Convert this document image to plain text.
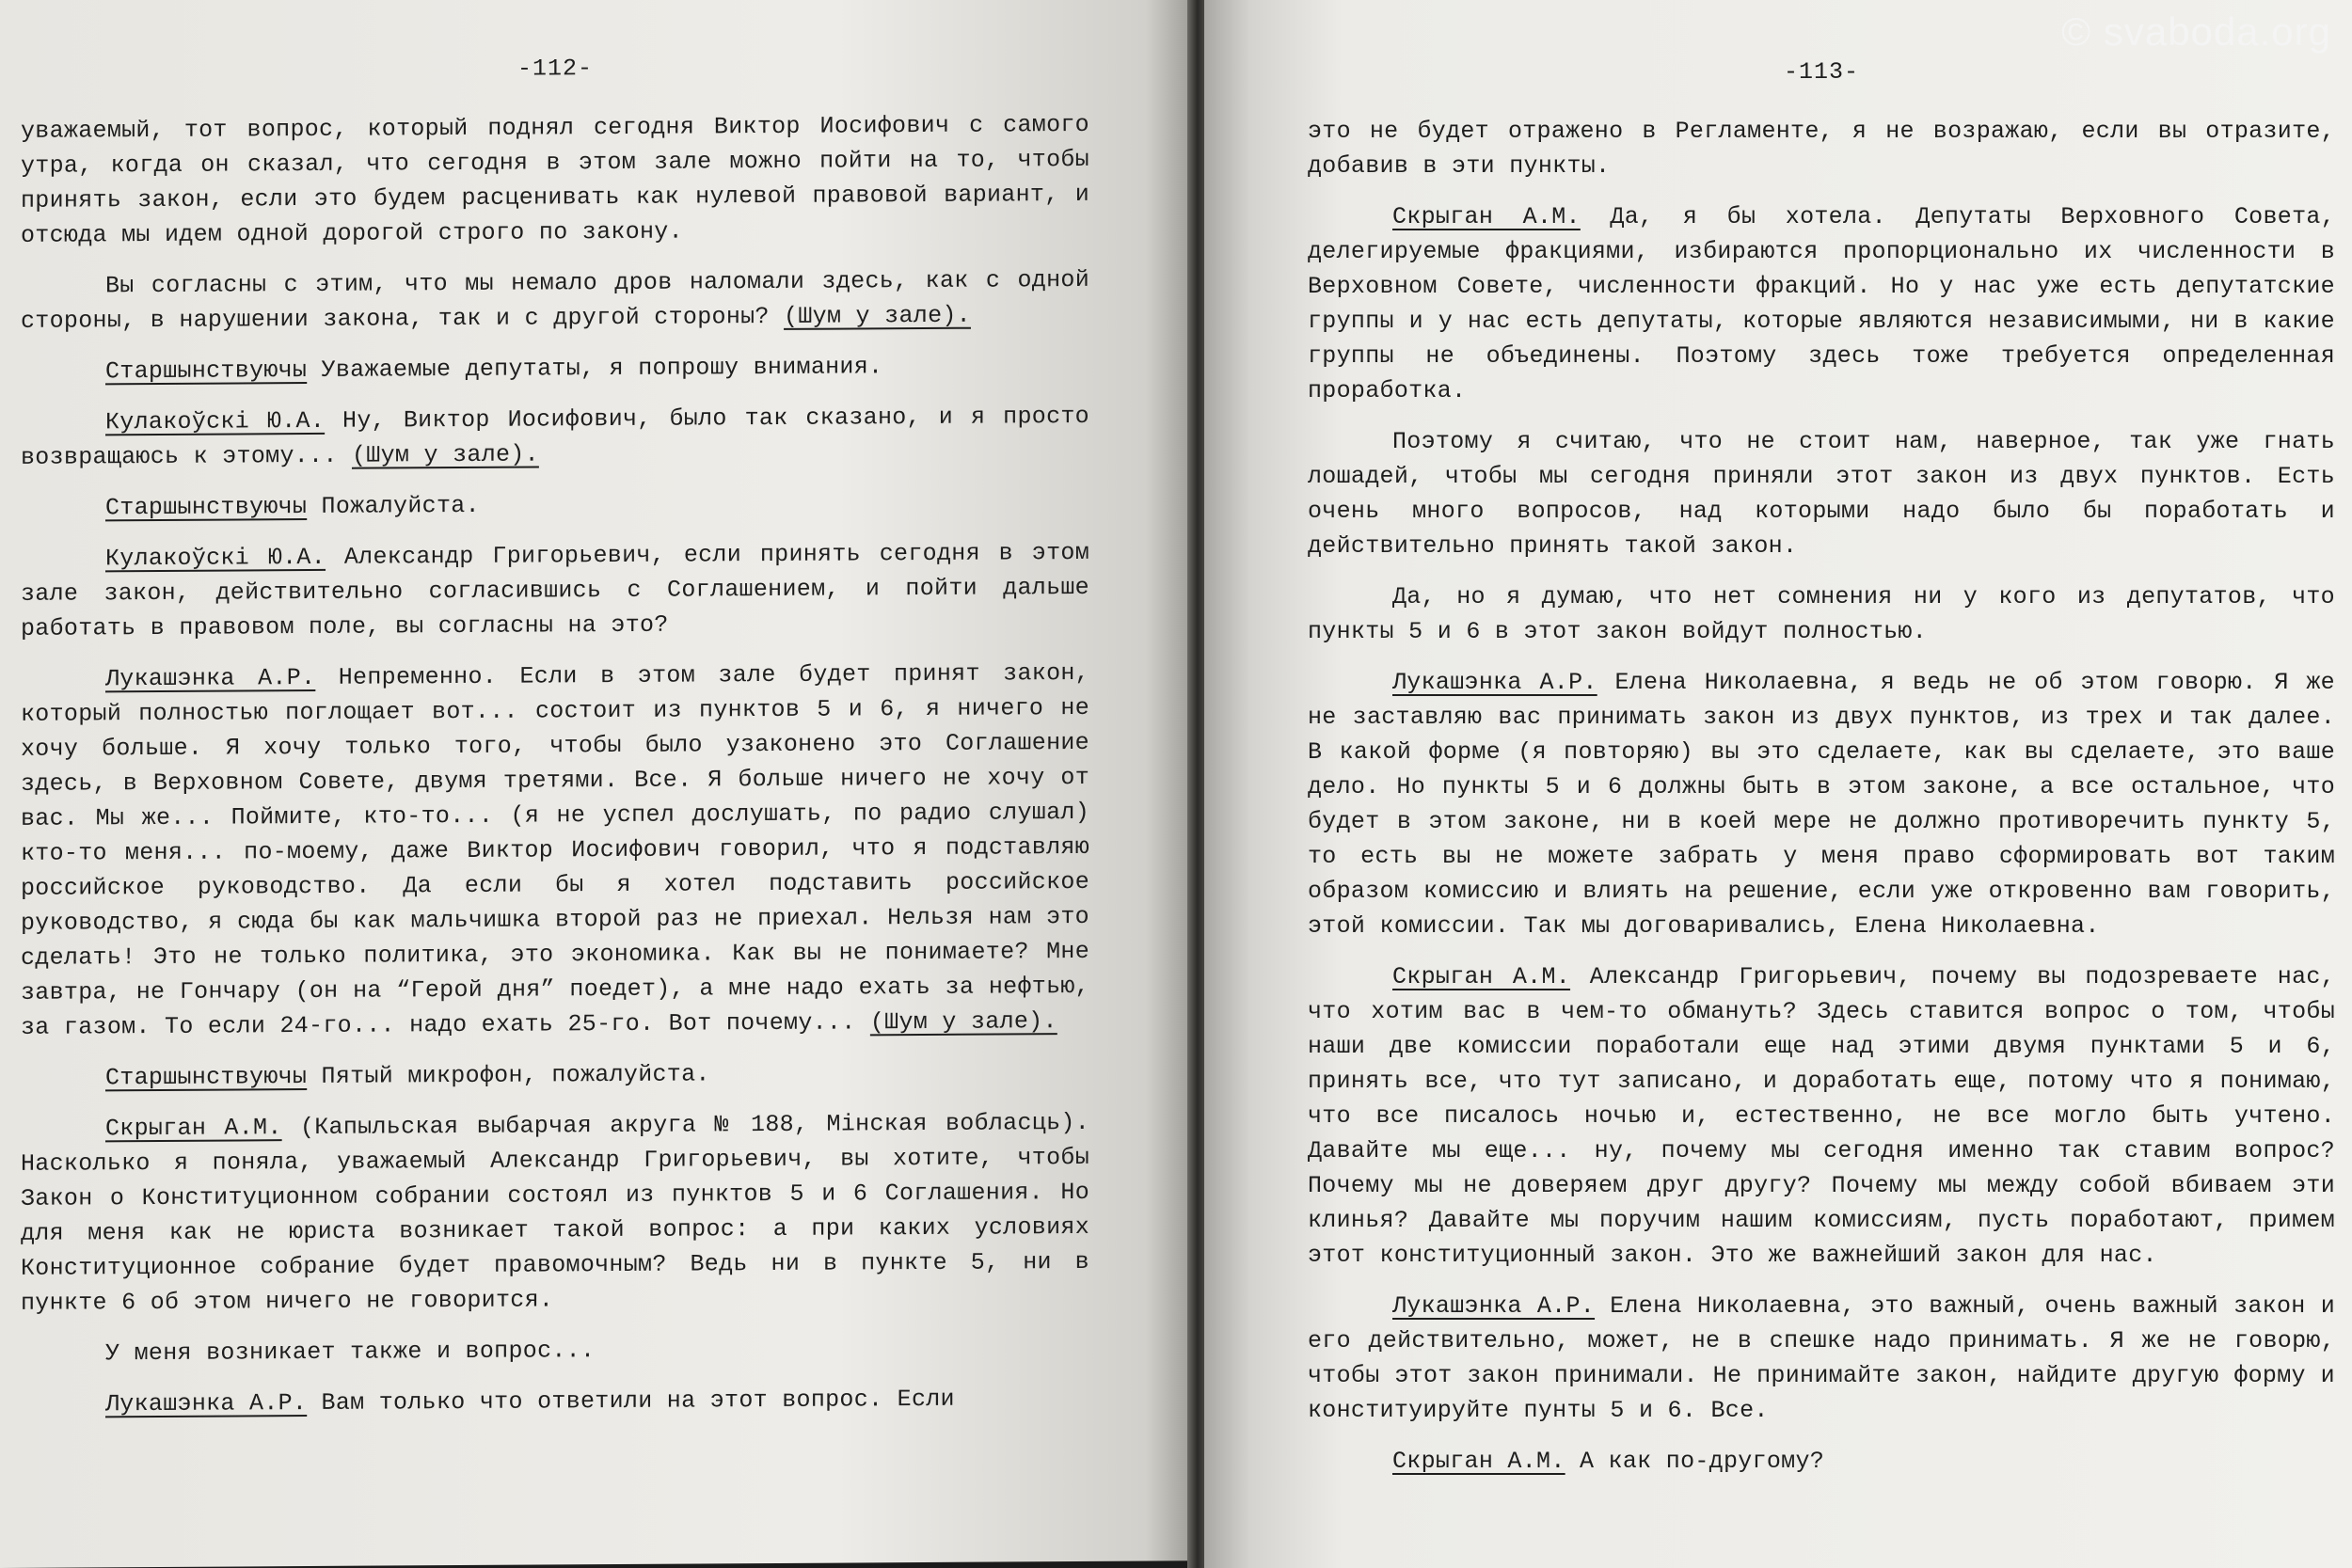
-112-

уважаемый, тот вопрос, который поднял сегодня Виктор Иосифович с самого утра, когда он сказал, что сегодня в этом зале можно пойти на то, чтобы принять закон, если это будем расценивать как нулевой правовой вариант, и отсюда мы идем одной дорогой строго по закону.

Вы согласны с этим, что мы немало дров наломали здесь, как с одной стороны, в нарушении закона, так и с другой стороны? (Шум у зале).

Старшынствуючы Уважаемые депутаты, я попрошу внимания.

Кулакоўскі Ю.А. Ну, Виктор Иосифович, было так сказано, и я просто возвращаюсь к этому... (Шум у зале).

Старшынствуючы Пожалуйста.

Кулакоўскі Ю.А. Александр Григорьевич, если принять сегодня в этом зале закон, действительно согласившись с Соглашением, и пойти дальше работать в правовом поле, вы согласны на это?

Лукашэнка А.Р. Непременно. Если в этом зале будет принят закон, который полностью поглощает вот... состоит из пунктов 5 и 6, я ничего не хочу больше. Я хочу только того, чтобы было узаконено это Соглашение здесь, в Верховном Совете, двумя третями. Все. Я больше ничего не хочу от вас. Мы же... Поймите, кто-то... (я не успел дослушать, по радио слушал) кто-то меня... по-моему, даже Виктор Иосифович говорил, что я подставляю российское руководство. Да если бы я хотел подставить российское руководство, я сюда бы как мальчишка второй раз не приехал. Нельзя нам это сделать! Это не только политика, это экономика. Как вы не понимаете? Мне завтра, не Гончару (он на “Герой дня” поедет), а мне надо ехать за нефтью, за газом. То если 24-го... надо ехать 25-го. Вот почему... (Шум у зале).

Старшынствуючы Пятый микрофон, пожалуйста.

Скрыган А.М. (Капыльская выбарчая акруга № 188, Мінская вобласць). Насколько я поняла, уважаемый Александр Григорьевич, вы хотите, чтобы Закон о Конституционном собрании состоял из пунктов 5 и 6 Соглашения. Но для меня как не юриста возникает такой вопрос: а при каких условиях Конституционное собрание будет правомочным? Ведь ни в пункте 5, ни в пункте 6 об этом ничего не говорится.

У меня возникает также и вопрос...

Лукашэнка А.Р. Вам только что ответили на этот вопрос. Если

-113-

это не будет отражено в Регламенте, я не возражаю, если вы отразите, добавив в эти пункты.

Скрыган А.М. Да, я бы хотела. Депутаты Верховного Совета, делегируемые фракциями, избираются пропорционально их численности в Верховном Совете, численности фракций. Но у нас уже есть депутатские группы и у нас есть депутаты, которые являются независимыми, ни в какие группы не объединены. Поэтому здесь тоже требуется определенная проработка.

Поэтому я считаю, что не стоит нам, наверное, так уже гнать лошадей, чтобы мы сегодня приняли этот закон из двух пунктов. Есть очень много вопросов, над которыми надо было бы поработать и действительно принять такой закон.

Да, но я думаю, что нет сомнения ни у кого из депутатов, что пункты 5 и 6 в этот закон войдут полностью.

Лукашэнка А.Р. Елена Николаевна, я ведь не об этом говорю. Я же не заставляю вас принимать закон из двух пунктов, из трех и так далее. В какой форме (я повторяю) вы это сделаете, как вы сделаете, это ваше дело. Но пункты 5 и 6 должны быть в этом законе, а все остальное, что будет в этом законе, ни в коей мере не должно противоречить пункту 5, то есть вы не можете забрать у меня право сформировать вот таким образом комиссию и влиять на решение, если уже откровенно вам говорить, этой комиссии. Так мы договаривались, Елена Николаевна.

Скрыган А.М. Александр Григорьевич, почему вы подозреваете нас, что хотим вас в чем-то обмануть? Здесь ставится вопрос о том, чтобы наши две комиссии поработали еще над этими двумя пунктами 5 и 6, принять все, что тут записано, и доработать еще, потому что я понимаю, что все писалось ночью и, естественно, не все могло быть учтено. Давайте мы еще... ну, почему мы сегодня именно так ставим вопрос? Почему мы не доверяем друг другу? Почему мы между собой вбиваем эти клинья? Давайте мы поручим нашим комиссиям, пусть поработают, примем этот конституционный закон. Это же важнейший закон для нас.

Лукашэнка А.Р. Елена Николаевна, это важный, очень важный закон и его действительно, может, не в спешке надо принимать. Я же не говорю, чтобы этот закон принимали. Не принимайте закон, найдите другую форму и конституируйте пунты 5 и 6. Все.

Скрыган А.М. А как по-другому?

© svaboda.org
